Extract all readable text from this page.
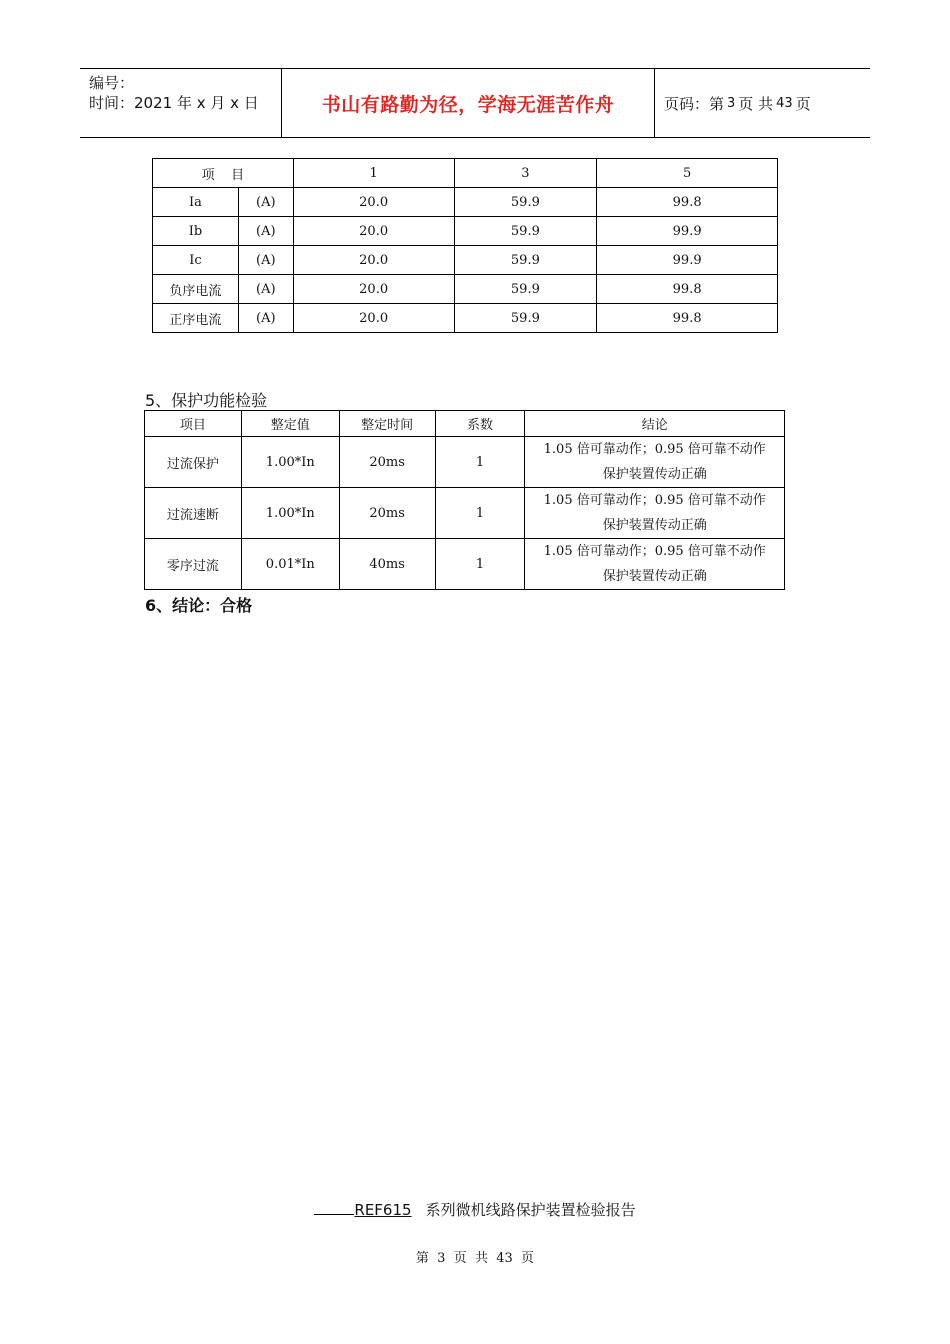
编号：
时间：2021 年 x 月 x 日	书山有路勤为径，学海无涯苦作舟	页码：第 3 页 共 43 页
项    目		1	3	5
Ia	(A)	20.0	59.9	99.8
Ib	(A)	20.0	59.9	99.9
Ic	(A)	20.0	59.9	99.9
负序电流	(A)	20.0	59.9	99.8
正序电流	(A)	20.0	59.9	99.8
5、保护功能检验
项目	整定值	整定时间	系数	结论
过流保护	1.00*In	20ms	1	1.05 倍可靠动作；0.95 倍可靠不动作
保护装置传动正确

过流速断	1.00*In	20ms	1	1.05 倍可靠动作；0.95 倍可靠不动作
保护装置传动正确

零序过流	0.01*In	40ms	1	1.05 倍可靠动作；0.95 倍可靠不动作
保护装置传动正确
6、结论：合格
REF615 系列微机线路保护装置检验报告
第  3  页  共  43  页
